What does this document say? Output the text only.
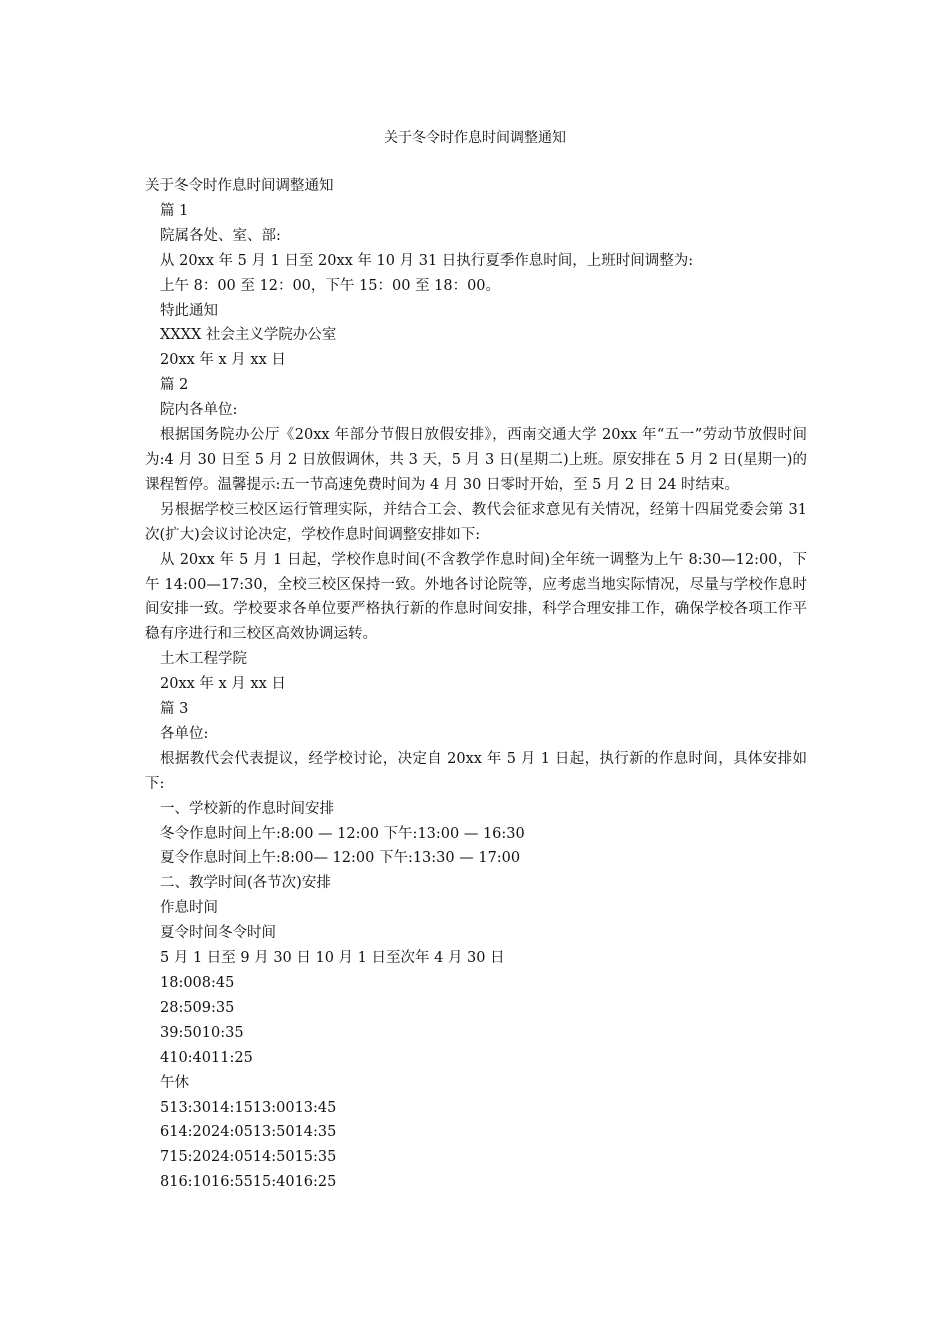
关于冬令时作息时间调整通知

关于冬令时作息时间调整通知

篇 1

院属各处、室、部:

从 20xx 年 5 月 1 日至 20xx 年 10 月 31 日执行夏季作息时间，上班时间调整为:

上午 8：00 至 12：00，下午 15：00 至 18：00。

特此通知

XXXX 社会主义学院办公室

20xx 年 x 月 xx 日

篇 2

院内各单位:

根据国务院办公厅《20xx 年部分节假日放假安排》，西南交通大学 20xx 年“五一”劳动节放假时间为:4 月 30 日至 5 月 2 日放假调休，共 3 天，5 月 3 日(星期二)上班。原安排在 5 月 2 日(星期一)的课程暂停。温馨提示:五一节高速免费时间为 4 月 30 日零时开始，至 5 月 2 日 24 时结束。

另根据学校三校区运行管理实际，并结合工会、教代会征求意见有关情况，经第十四届党委会第 31 次(扩大)会议讨论决定，学校作息时间调整安排如下:

从 20xx 年 5 月 1 日起，学校作息时间(不含教学作息时间)全年统一调整为上午 8:30—12:00，下午 14:00—17:30，全校三校区保持一致。外地各讨论院等，应考虑当地实际情况，尽量与学校作息时间安排一致。学校要求各单位要严格执行新的作息时间安排，科学合理安排工作，确保学校各项工作平稳有序进行和三校区高效协调运转。

土木工程学院

20xx 年 x 月 xx 日

篇 3

各单位:

根据教代会代表提议，经学校讨论，决定自 20xx 年 5 月 1 日起，执行新的作息时间，具体安排如下:

一、学校新的作息时间安排

冬令作息时间上午:8:00 — 12:00 下午:13:00 — 16:30

夏令作息时间上午:8:00— 12:00 下午:13:30 — 17:00

二、教学时间(各节次)安排

作息时间

夏令时间冬令时间

5 月 1 日至 9 月 30 日 10 月 1 日至次年 4 月 30 日

18:008:45

28:509:35

39:5010:35

410:4011:25

午休

513:3014:1513:0013:45

614:2024:0513:5014:35

715:2024:0514:5015:35

816:1016:5515:4016:25
